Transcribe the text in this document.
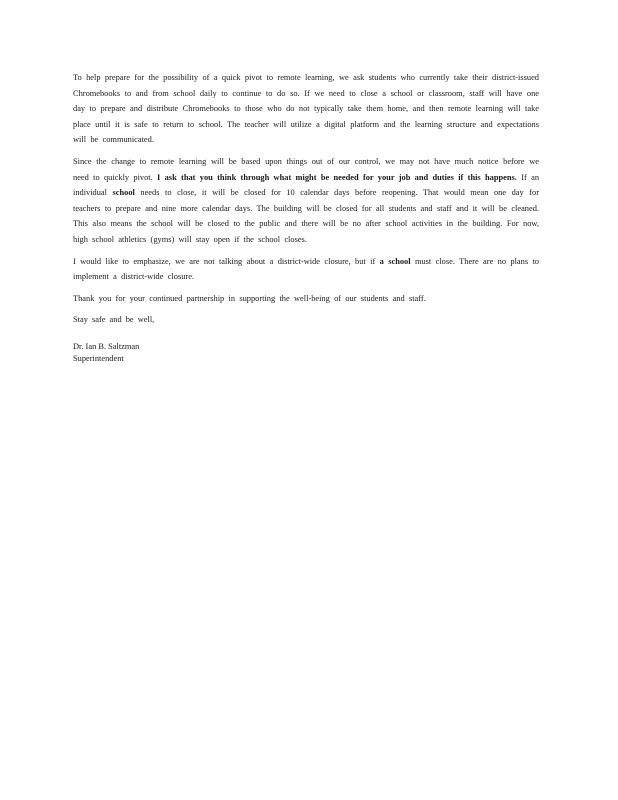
To help prepare for the possibility of a quick pivot to remote learning, we ask students who currently take their district-issued Chromebooks to and from school daily to continue to do so. If we need to close a school or classroom, staff will have one day to prepare and distribute Chromebooks to those who do not typically take them home, and then remote learning will take place until it is safe to return to school. The teacher will utilize a digital platform and the learning structure and expectations will be communicated.

Since the change to remote learning will be based upon things out of our control, we may not have much notice before we need to quickly pivot. I ask that you think through what might be needed for your job and duties if this happens. If an individual school needs to close, it will be closed for 10 calendar days before reopening. That would mean one day for teachers to prepare and nine more calendar days. The building will be closed for all students and staff and it will be cleaned. This also means the school will be closed to the public and there will be no after school activities in the building. For now, high school athletics (gyms) will stay open if the school closes.

I would like to emphasize, we are not talking about a district-wide closure, but if a school must close. There are no plans to implement a district-wide closure.

Thank you for your continued partnership in supporting the well-being of our students and staff.

Stay safe and be well,

Dr. Ian B. Saltzman

Superintendent
